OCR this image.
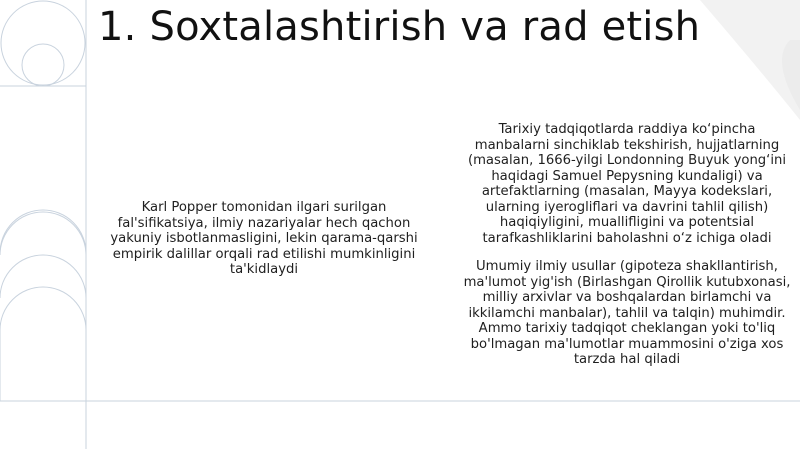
1. Soxtalashtirish va rad etish
Karl Popper tomonidan ilgari surilgan fal'sifikatsiya, ilmiy nazariyalar hech qachon yakuniy isbotlanmasligini, lekin qarama-qarshi empirik dalillar orqali rad etilishi mumkinligini ta'kidlaydi
Tarixiy tadqiqotlarda raddiya ko‘pincha manbalarni sinchiklab tekshirish, hujjatlarning (masalan, 1666-yilgi Londonning Buyuk yong‘ini haqidagi Samuel Pepysning kundaligi) va artefaktlarning (masalan, Mayya kodekslari, ularning iyerogliflari va davrini tahlil qilish) haqiqiyligini, muallifligini va potentsial tarafkashliklarini baholashni o‘z ichiga oladi
Umumiy ilmiy usullar (gipoteza shakllantirish, ma'lumot yig'ish (Birlashgan Qirollik kutubxonasi, milliy arxivlar va boshqalardan birlamchi va ikkilamchi manbalar), tahlil va talqin) muhimdir. Ammo tarixiy tadqiqot cheklangan yoki to'liq bo'lmagan ma'lumotlar muammosini o'ziga xos tarzda hal qiladi
